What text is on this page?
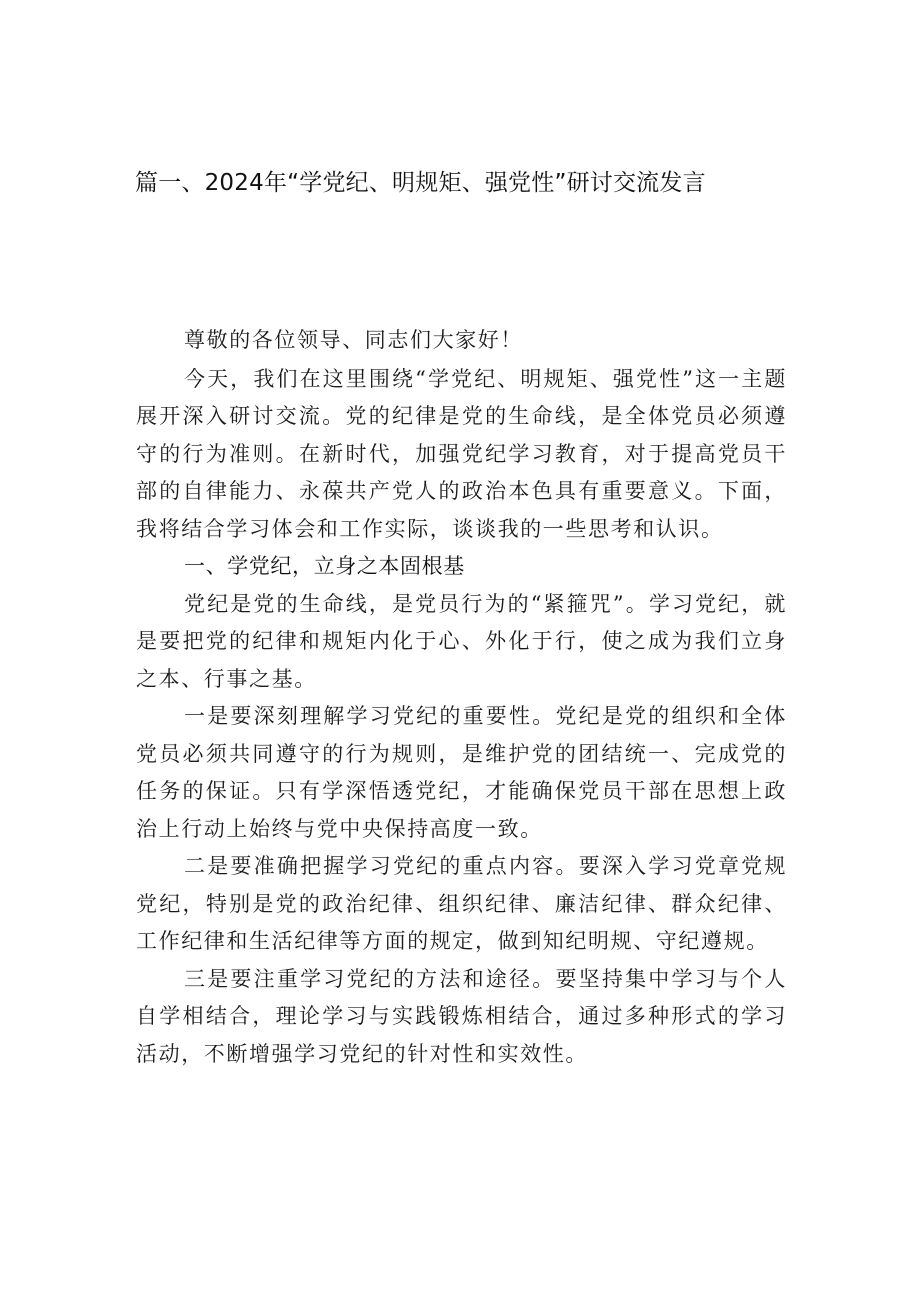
篇一、2024年“学党纪、明规矩、强党性”研讨交流发言

尊敬的各位领导、同志们大家好！

今天，我们在这里围绕“学党纪、明规矩、强党性”这一主题展开深入研讨交流。党的纪律是党的生命线，是全体党员必须遵守的行为准则。在新时代，加强党纪学习教育，对于提高党员干部的自律能力、永葆共产党人的政治本色具有重要意义。下面，我将结合学习体会和工作实际，谈谈我的一些思考和认识。

一、学党纪，立身之本固根基

党纪是党的生命线，是党员行为的“紧箍咒”。学习党纪，就是要把党的纪律和规矩内化于心、外化于行，使之成为我们立身之本、行事之基。

一是要深刻理解学习党纪的重要性。党纪是党的组织和全体党员必须共同遵守的行为规则，是维护党的团结统一、完成党的任务的保证。只有学深悟透党纪，才能确保党员干部在思想上政治上行动上始终与党中央保持高度一致。

二是要准确把握学习党纪的重点内容。要深入学习党章党规党纪，特别是党的政治纪律、组织纪律、廉洁纪律、群众纪律、工作纪律和生活纪律等方面的规定，做到知纪明规、守纪遵规。

三是要注重学习党纪的方法和途径。要坚持集中学习与个人自学相结合，理论学习与实践锻炼相结合，通过多种形式的学习活动，不断增强学习党纪的针对性和实效性。
